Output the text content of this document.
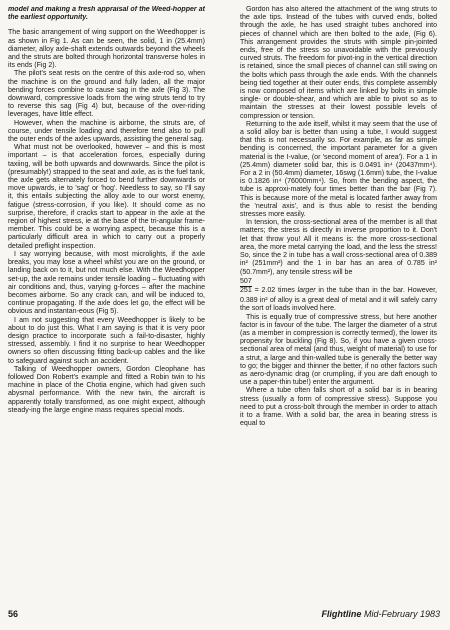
model and making a fresh appraisal of the Weed-hopper at the earliest opportunity.

The basic arrangement of wing support on the Weedhopper is as shown in Fig 1. As can be seen, the solid, 1 in (25.4mm) diameter, alloy axle-shaft extends outwards beyond the wheels and the struts are bolted through horizontal transverse holes in its ends (Fig 2).

The pilot's seat rests on the centre of this axle-rod so, when the machine is on the ground and fully laden, all the major bending forces combine to cause sag in the axle (Fig 3). The downward, compressive loads from the wing struts tend to try to reverse this sag (Fig 4) but, because of the over-riding leverages, have little effect.

However, when the machine is airborne, the struts are, of course, under tensile loading and therefore tend also to pull the outer ends of the axles upwards, assisting the general sag.

What must not be overlooked, however – and this is most important – is that acceleration forces, especially during taxiing, will be both upwards and downwards. Since the pilot is (presumably!) strapped to the seat and axle, as is the fuel tank, the axle gets alternately forced to bend further downwards or move upwards, ie to 'sag' or 'hog'. Needless to say, so I'll say it, this entails subjecting the alloy axle to our worst enemy, fatigue (stress-corrosion, if you like). It should come as no surprise, therefore, if cracks start to appear in the axle at the region of highest stress, ie at the base of the tri-angular frame-member. This could be a worrying aspect, because this is a particularly difficult area in which to carry out a properly detailed preflight inspection.

I say worrying because, with most microlights, if the axle breaks, you may lose a wheel whilst you are on the ground, or landing back on to it, but not much else. With the Weedhopper set-up, the axle remains under tensile loading – fluctuating with air conditions and, thus, varying g-forces – after the machine becomes airborne. So any crack can, and will be induced to, continue propagating. If the axle does let go, the effect will be obvious and instantan-eous (Fig 5).

I am not suggesting that every Weedhopper is likely to be about to do just this. What I am saying is that it is very poor design practice to incorporate such a fail-to-disaster, highly stressed, assembly. I find it no surprise to hear Weedhopper owners so often discussing fitting back-up cables and the like to safeguard against such an accident.

Talking of Weedhopper owners, Gordon Cleophane has followed Don Robert's example and fitted a Robin twin to his machine in place of the Chotia engine, which had given such abysmal performance. With the new twin, the aircraft is apparently totally transformed, as one might expect, although steady-ing the large engine mass requires special mods.

Gordon has also altered the attachment of the wing struts to the axle tips. Instead of the tubes with curved ends, bolted through the axle, he has used straight tubes anchored into pieces of channel which are then bolted to the axle, (Fig 6). This arrangement provides the struts with simple pin-jointed ends, free of the stress so unavoidable with the previously curved struts. The freedom for pivot-ing in the vertical direction is retained, since the small pieces of channel can still swing on the bolts which pass through the axle ends. With the channels being tied together at their outer ends, this complete assembly is now composed of items which are linked by bolts in simple single- or double-shear, and which are able to pivot so as to maintain the stresses at their lowest possible levels of compression or tension.

Returning to the axle itself, whilst it may seem that the use of a solid alloy bar is better than using a tube, I would suggest that this is not necessarily so. For example, as far as simple bending is concerned, the important parameter for a given material is the I-value, (or 'second moment of area'). For a 1 in (25.4mm) diameter solid bar, this is 0.0491 in⁴ (20437mm⁴). For a 2 in (50.4mm) diameter, 16swg (1.6mm) tube, the I-value is 0.1826 in⁴ (76000mm⁴). So, from the bending aspect, the tube is approxi-mately four times better than the bar (Fig 7). This is because more of the metal is located farther away from the 'neutral axis', and is thus able to resist the bending stresses more easily.

In tension, the cross-sectional area of the member is all that matters; the stress is directly in inverse proportion to it. Don't let that throw you! All it means is: the more cross-sectional area, the more metal carrying the load, and the less the stress! So, since the 2 in tube has a wall cross-sectional area of 0.389 in² (251mm²) and the 1 in bar has an area of 0.785 in² (50.7mm²), any tensile stress will be

$\frac{507}{251}$

= 2.02 times larger in the tube than in the bar. However, 0.389 in² of alloy is a great deal of metal and it will safely carry the sort of loads involved here.

This is equally true of compressive stress, but here another factor is in favour of the tube. The larger the diameter of a strut (as a member in compression is correctly termed), the lower its propensity for buckling (Fig 8). So, if you have a given cross-sectional area of metal (and thus, weight of material) to use for a strut, a large and thin-walled tube is generally the better way to go; the bigger and thinner the better, if no other factors such as aero-dynamic drag (or crumpling, if you are daft enough to use a paper-thin tube!) enter the argument.

Where a tube often falls short of a solid bar is in bearing stress (usually a form of compressive stress). Suppose you need to put a cross-bolt through the member in order to attach it to a frame. With a solid bar, the area in bearing stress is equal to

56	Flightline Mid-February 1983
